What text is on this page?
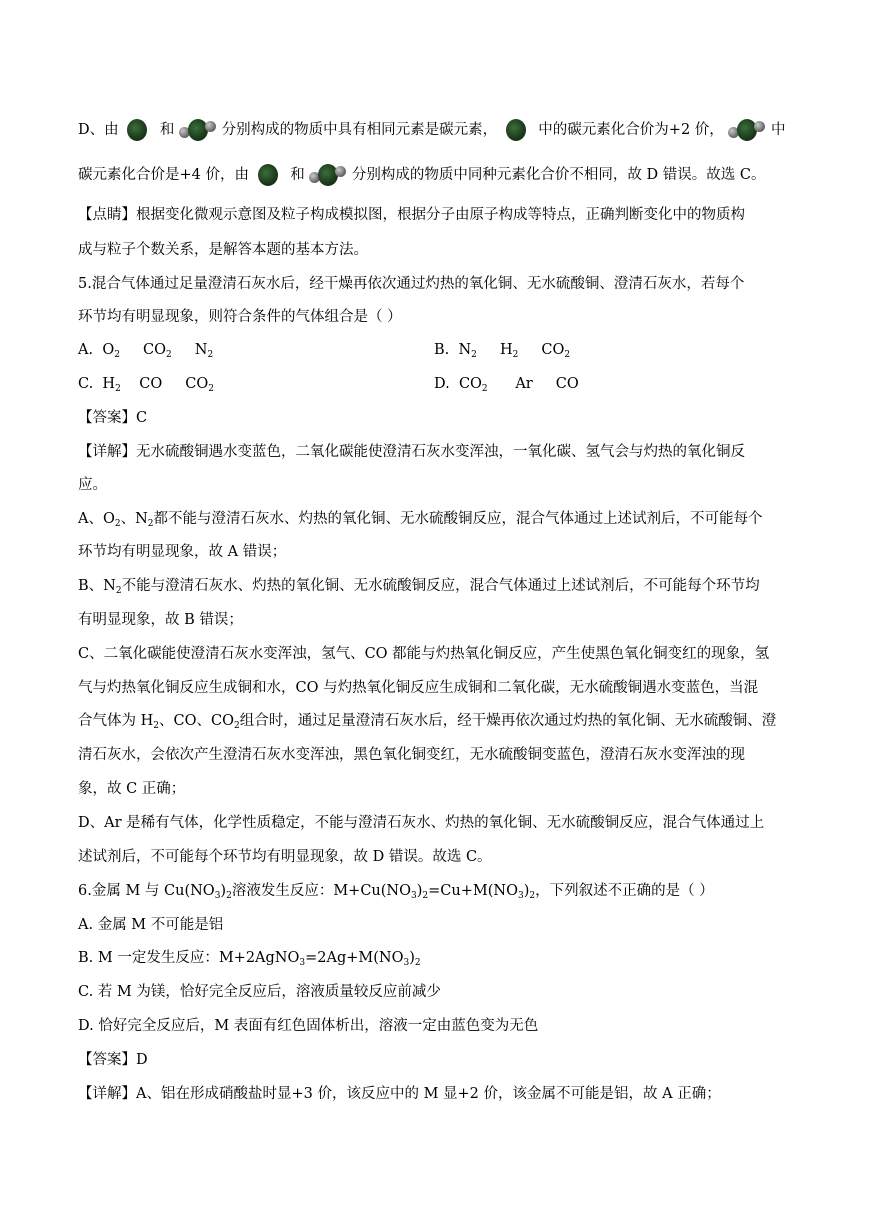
D、由	和	分别构成的物质中具有相同元素是碳元素，	中的碳元素化合价为+2 价，	中
碳元素化合价是+4 价，由	和	分别构成的物质中同种元素化合价不相同，故 D 错误。故选 C。
【点睛】根据变化微观示意图及粒子构成模拟图，根据分子由原子构成等特点，正确判断变化中的物质构
成与粒子个数关系，是解答本题的基本方法。
5.混合气体通过足量澄清石灰水后，经干燥再依次通过灼热的氧化铜、无水硫酸铜、澄清石灰水，若每个
环节均有明显现象，则符合条件的气体组合是（ ）
A. $O_2$ $CO_2$ $N_2$	B. $N_2$ $H_2$ $CO_2$
C. $H_2$ CO $CO_2$	D. $CO_2$ Ar CO
【答案】C
【详解】无水硫酸铜遇水变蓝色，二氧化碳能使澄清石灰水变浑浊，一氧化碳、氢气会与灼热的氧化铜反
应。
A、$O_2$、$N_2$都不能与澄清石灰水、灼热的氧化铜、无水硫酸铜反应，混合气体通过上述试剂后，不可能每个
环节均有明显现象，故 A 错误；
B、$N_2$不能与澄清石灰水、灼热的氧化铜、无水硫酸铜反应，混合气体通过上述试剂后，不可能每个环节均
有明显现象，故 B 错误；
C、二氧化碳能使澄清石灰水变浑浊，氢气、CO 都能与灼热氧化铜反应，产生使黑色氧化铜变红的现象，氢
气与灼热氧化铜反应生成铜和水，CO 与灼热氧化铜反应生成铜和二氧化碳，无水硫酸铜遇水变蓝色，当混
合气体为 $H_2$、CO、$CO_2$组合时，通过足量澄清石灰水后，经干燥再依次通过灼热的氧化铜、无水硫酸铜、澄
清石灰水，会依次产生澄清石灰水变浑浊，黑色氧化铜变红，无水硫酸铜变蓝色，澄清石灰水变浑浊的现
象，故 C 正确；
D、Ar 是稀有气体，化学性质稳定，不能与澄清石灰水、灼热的氧化铜、无水硫酸铜反应，混合气体通过上
述试剂后，不可能每个环节均有明显现象，故 D 错误。故选 C。
6.金属 M 与 $Cu(NO_3)_2$溶液发生反应：$M+Cu(NO_3)_2=Cu+M(NO_3)_2$，下列叙述不正确的是（ ）
A. 金属 M 不可能是铝
B. M 一定发生反应：$M+2AgNO_3=2Ag+M(NO_3)_2$
C. 若 M 为镁，恰好完全反应后，溶液质量较反应前减少
D. 恰好完全反应后，M 表面有红色固体析出，溶液一定由蓝色变为无色
【答案】D
【详解】A、铝在形成硝酸盐时显+3 价，该反应中的 M 显+2 价，该金属不可能是铝，故 A 正确；
